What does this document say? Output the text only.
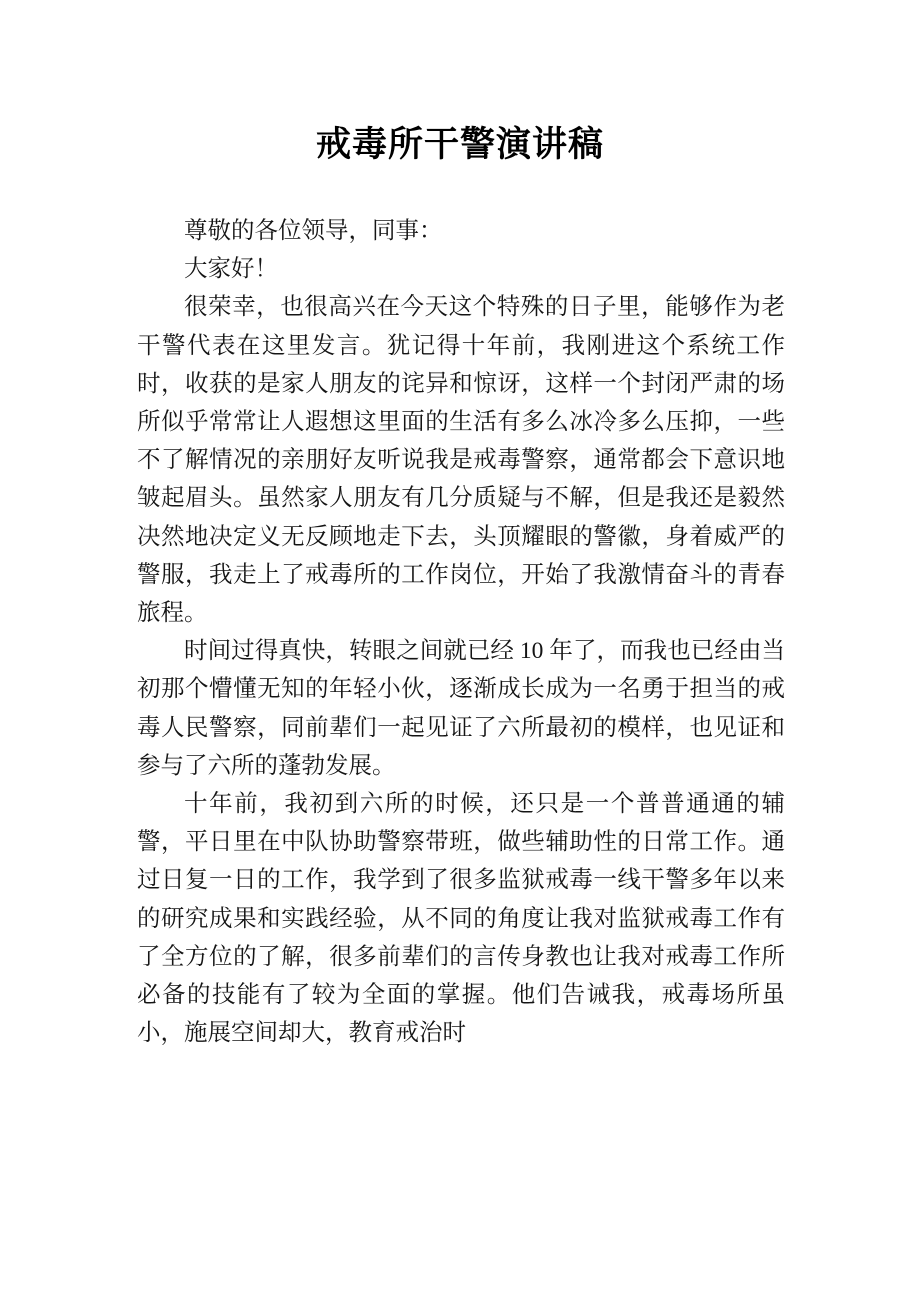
戒毒所干警演讲稿

尊敬的各位领导，同事：

大家好！

很荣幸，也很高兴在今天这个特殊的日子里，能够作为老干警代表在这里发言。犹记得十年前，我刚进这个系统工作时，收获的是家人朋友的诧异和惊讶，这样一个封闭严肃的场所似乎常常让人遐想这里面的生活有多么冰冷多么压抑，一些不了解情况的亲朋好友听说我是戒毒警察，通常都会下意识地皱起眉头。虽然家人朋友有几分质疑与不解，但是我还是毅然决然地决定义无反顾地走下去，头顶耀眼的警徽，身着威严的警服，我走上了戒毒所的工作岗位，开始了我激情奋斗的青春旅程。

时间过得真快，转眼之间就已经 10 年了，而我也已经由当初那个懵懂无知的年轻小伙，逐渐成长成为一名勇于担当的戒毒人民警察，同前辈们一起见证了六所最初的模样，也见证和参与了六所的蓬勃发展。

十年前，我初到六所的时候，还只是一个普普通通的辅警，平日里在中队协助警察带班，做些辅助性的日常工作。通过日复一日的工作，我学到了很多监狱戒毒一线干警多年以来的研究成果和实践经验，从不同的角度让我对监狱戒毒工作有了全方位的了解，很多前辈们的言传身教也让我对戒毒工作所必备的技能有了较为全面的掌握。他们告诫我，戒毒场所虽小，施展空间却大，教育戒治时
